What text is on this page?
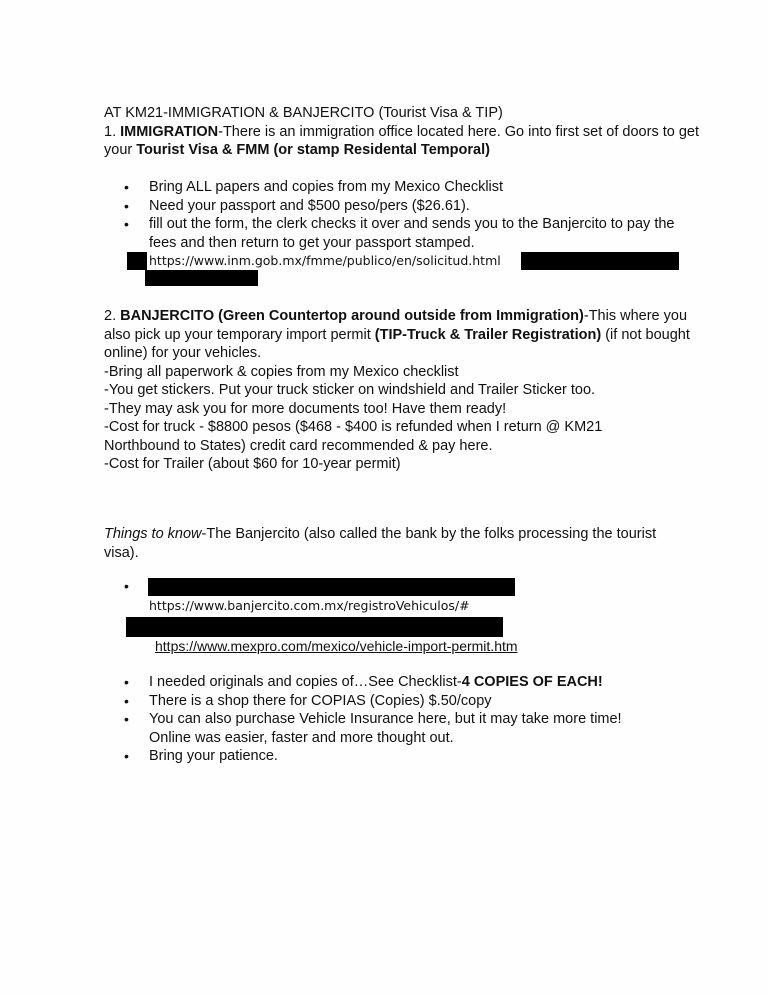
AT KM21-IMMIGRATION & BANJERCITO (Tourist Visa & TIP)
1. IMMIGRATION-There is an immigration office located here. Go into first set of doors to get your Tourist Visa & FMM (or stamp Residental Temporal)
• Bring ALL papers and copies from my Mexico Checklist
• Need your passport and $500 peso/pers ($26.61).
• fill out the form, the clerk checks it over and sends you to the Banjercito to pay the fees and then return to get your passport stamped.
https://www.inm.gob.mx/fmme/publico/en/solicitud.html
2. BANJERCITO (Green Countertop around outside from Immigration)-This where you also pick up your temporary import permit (TIP-Truck & Trailer Registration) (if not bought online) for your vehicles.
-Bring all paperwork & copies from my Mexico checklist
-You get stickers. Put your truck sticker on windshield and Trailer Sticker too.
-They may ask you for more documents too! Have them ready!
-Cost for truck - $8800 pesos ($468 - $400 is refunded when I return @ KM21 Northbound to States) credit card recommended & pay here.
-Cost for Trailer (about $60 for 10-year permit)
Things to know-The Banjercito (also called the bank by the folks processing the tourist visa).
•
https://www.banjercito.com.mx/registroVehiculos/#
https://www.mexpro.com/mexico/vehicle-import-permit.htm
• I needed originals and copies of…See Checklist-4 COPIES OF EACH!
• There is a shop there for COPIAS (Copies) $.50/copy
• You can also purchase Vehicle Insurance here, but it may take more time! Online was easier, faster and more thought out.
• Bring your patience.
